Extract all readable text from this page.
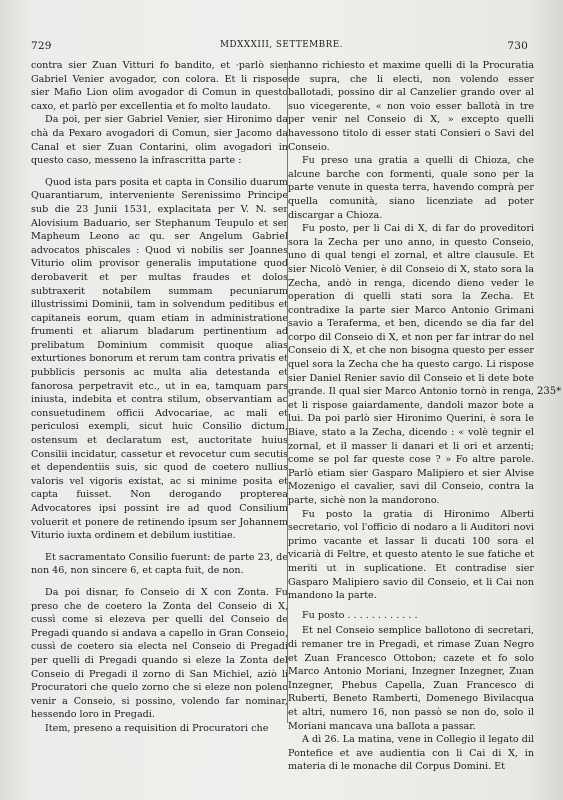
729	MDXXXIII, SETTEMBRE.	730

contra sier Zuan Vitturi fo bandito, et ·parlò sier Gabriel Venier avogador, con colora. Et li rispose sier Mafio Lion olim avogador di Comun in questo caxo, et parlò per excellentia et fo molto laudato.

Da poi, per sier Gabriel Venier, sier Hironimo da chà da Pexaro avogadori di Comun, sier Jacomo da Canal et sier Zuan Contarini, olim avogadori in questo caso, messeno la infrascritta parte :

Quod ista pars posita et capta in Consilio duarum Quarantiarum, interveniente Serenissimo Principe sub die 23 Junii 1531, explacitata per V. N. ser Alovisium Baduario, ser Stephanum Teupulo et ser Mapheum Leono ac qu. ser Angelum Gabriel advocatos phiscales : Quod vi nobilis ser Joannes Viturio olim provisor generalis imputatione quod derobaverit et per multas fraudes et dolos subtraxerit notabilem summam pecuniarum illustrissimi Dominii, tam in solvendum peditibus et capitaneis eorum, quam etiam in administratione frumenti et aliarum bladarum pertinentium ad prelibatum Dominium commisit quoque alias exturtiones bonorum et rerum tam contra privatis et pubblicis personis ac multa alia detestanda et fanorosa perpetravit etc., ut in ea, tamquam pars iniusta, indebita et contra stilum, observantiam ac consuetudinem officii Advocariae, ac mali et periculosi exempli, sicut huic Consilio dictum, ostensum et declaratum est, auctoritate huius Consilii incidatur, cassetur et revocetur cum secutis et dependentiis suis, sic quod de coetero nullius valoris vel vigoris existat, ac si minime posita et capta fuisset. Non derogando propterea Advocatores ipsi possint ire ad quod Consilium voluerit et ponere de retinendo ipsum ser Johannem Viturio iuxta ordinem et debilum iustitiae.

Et sacramentato Consilio fuerunt: de parte 23, de non 46, non sincere 6, et capta fuit, de non.

Da poi disnar, fo Conseio di X con Zonta. Fu preso che de coetero la Zonta del Conseio di X, cussì come si elezeva per quelli del Conseio de Pregadi quando si andava a capello in Gran Conseio, cussì de coetero sia electa nel Conseio di Pregadi per quelli di Pregadi quando si eleze la Zonta del Conseio di Pregadi il zorno di San Michiel, aziò li Procuratori che quelo zorno che si eleze non poleno venir a Conseio, si possino, volendo far nominar, hessendo loro in Pregadi.

Item, preseno a requisition di Procuratori che

hanno richiesto et maxime quelli di la Procuratia de supra, che li electi, non volendo esser ballotadi, possino dir al Canzelier grando over al suo vicegerente, « non voio esser ballotà in tre per venir nel Conseio di X, » excepto quelli havessono titolo di esser stati Consieri o Savi del Conseio.

Fu preso una gratia a quelli di Chioza, che alcune barche con formenti, quale sono per la parte venute in questa terra, havendo comprà per quella comunità, siano licenziate ad poter discargar a Chioza.

Fu posto, per li Cai di X, di far do proveditori sora la Zecha per uno anno, in questo Conseio, uno di qual tengi el zornal, et altre clausule. Et sier Nicolò Venier, è dil Conseio di X, stato sora la Zecha, andò in renga, dicendo dieno veder le operation di quelli stati sora la Zecha. Et contradixe la parte sier Marco Antonio Grimani savio a Teraferma, et ben, dicendo se dia far del corpo dil Conseio di X, et non per far intrar do nel Conseio di X, et che non bisogna questo per esser quel sora la Zecha che ha questo cargo. Li rispose sier Daniel Renier savio dil Conseio et li dete bote grande. Il qual sier Marco Antonio tornò in renga, et li rispose gaiardamente, dandoli mazor bote a lui. Da poi parlò sier Hironimo Querini, è sora le Biave, stato a la Zecha, dicendo : « volè tegnir el zornal, et il masser li danari et li ori et arzenti; come se pol far queste cose ? » Fo altre parole. Parlò etiam sier Gasparo Malipiero et sier Alvise Mozenigo el cavalier, savi dil Conseio, contra la parte, sichè non la mandorono.

Fu posto la gratia di Hironimo Alberti secretario, vol l'officio di nodaro a li Auditori novi primo vacante et lassar li ducati 100 sora el vicarià di Feltre, et questo atento le sue fatiche et meriti ut in suplicatione. Et contradise sier Gasparo Malipiero savio dil Conseio, et li Cai non mandono la parte.

Fu posto . . . . . . . . . . . .

Et nel Conseio semplice ballotono di secretari, di remaner tre in Pregadi, et rimase Zuan Negro et Zuan Francesco Ottobon; cazete et fo solo Marco Antonio Moriani, Inzegner Inzegner, Zuan Inzegner, Phebus Capella, Zuan Francesco di Ruberti, Beneto Ramberti, Domenego Bivilacqua et altri, numero 16, non passò se non do, solo il Moriani mancava una ballota a passar.

A dì 26. La matina, vene in Collegio il legato dil Pontefice et ave audientia con li Cai di X, in materia di le monache dil Corpus Domini. Et

235*
